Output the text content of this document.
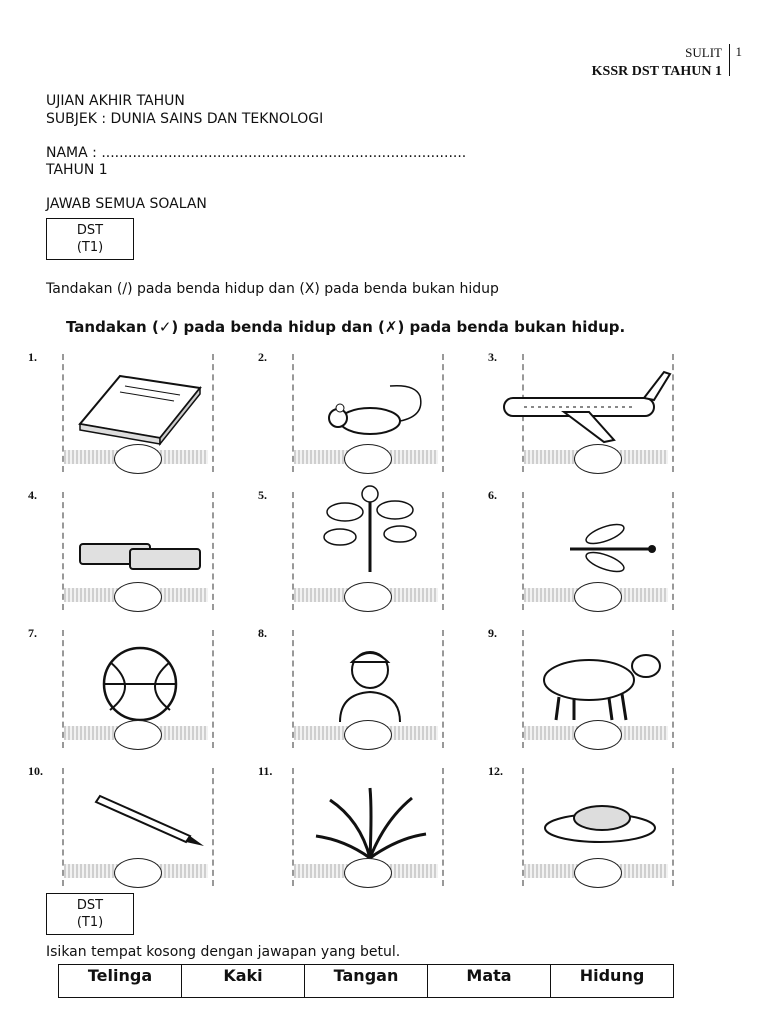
SULIT	1
KSSR DST TAHUN 1
UJIAN AKHIR TAHUN
SUBJEK : DUNIA SAINS DAN TEKNOLOGI
NAMA : ..................................................................................
TAHUN 1
JAWAB SEMUA SOALAN
DST
(T1)
Tandakan (/) pada benda hidup dan (X) pada benda bukan hidup
Tandakan (✓) pada benda hidup dan (✗) pada benda bukan hidup.
1.	2.	3.
4.	5.	6.
7.	8.	9.
10.	11.	12.
DST
(T1)
Isikan tempat kosong dengan jawapan yang betul.
Telinga	Kaki	Tangan	Mata	Hidung
